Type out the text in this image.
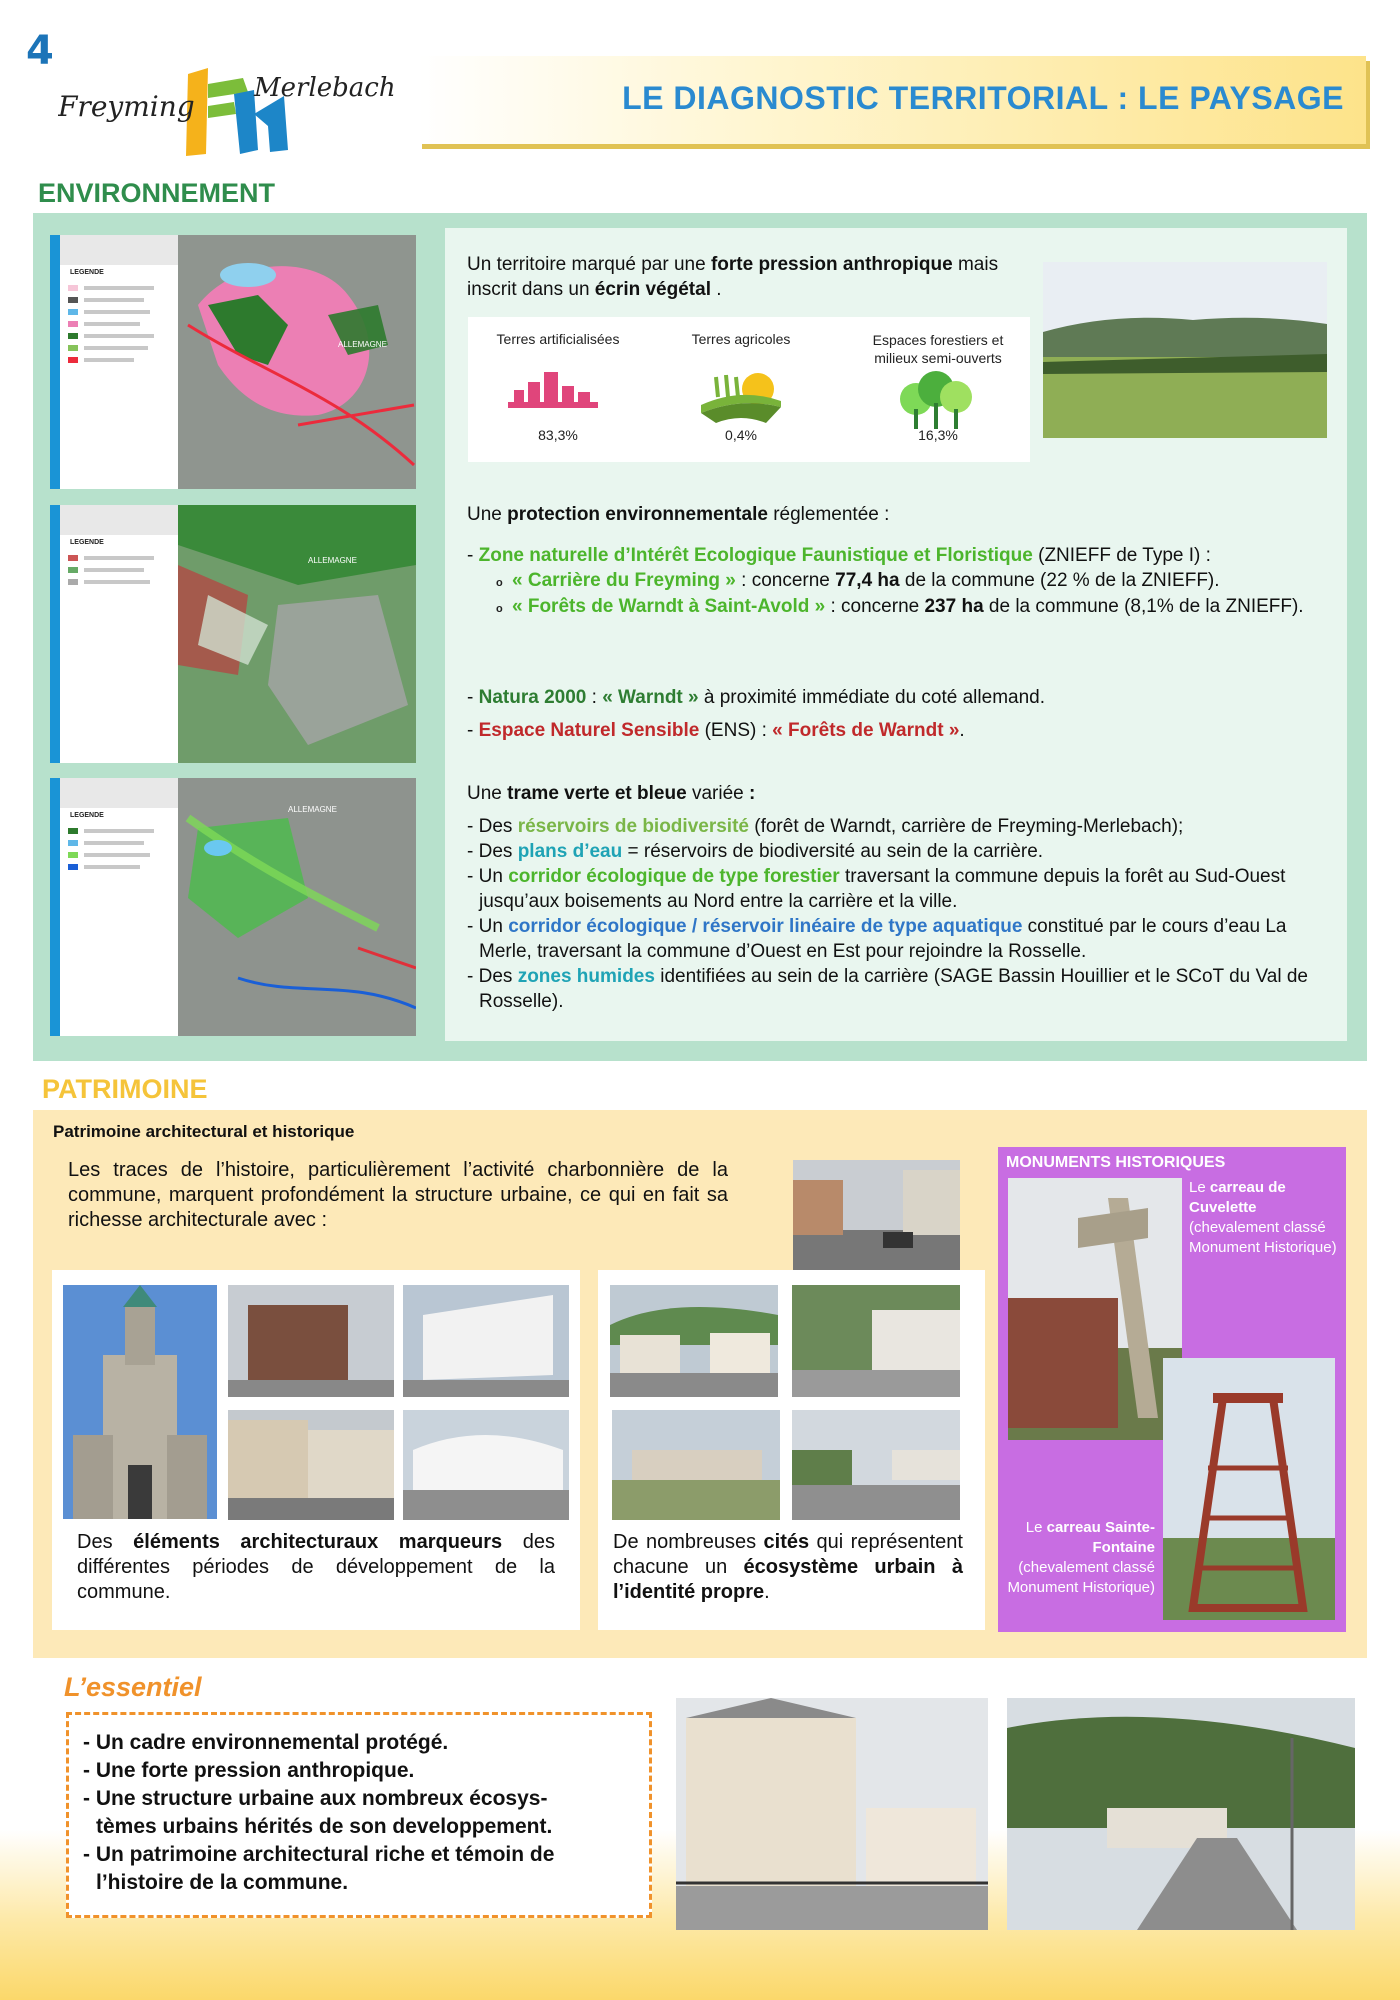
4
Freyming
Merlebach	LE DIAGNOSTIC TERRITORIAL : LE PAYSAGE
ENVIRONNEMENT
LEGENDE
ALLEMAGNE
LEGENDE
ALLEMAGNE
LEGENDE
ALLEMAGNE
Un territoire marqué par une forte pression anthropique mais inscrit dans un écrin végétal .
Terres artificialisées	Terres agricoles	Espaces forestiers et milieux semi-ouverts
83,3%	0,4%	16,3%
Une protection environnementale réglementée :
- Zone naturelle d’Intérêt Ecologique Faunistique et Floristique (ZNIEFF de Type I) :
o « Carrière du Freyming » : concerne 77,4 ha de la commune (22 % de la ZNIEFF).
o « Forêts de Warndt à Saint-Avold » : concerne 237 ha de la commune (8,1% de la ZNIEFF).
- Natura 2000 : « Warndt » à proximité immédiate du coté allemand.
- Espace Naturel Sensible (ENS) : « Forêts de Warndt ».
Une trame verte et bleue variée :
- Des réservoirs de biodiversité (forêt de Warndt, carrière de Freyming-Merlebach);
- Des plans d’eau = réservoirs de biodiversité au sein de la carrière.
- Un corridor écologique de type forestier traversant la commune depuis la forêt au Sud-Ouest jusqu’aux boisements au Nord entre la carrière et la ville.
- Un corridor écologique / réservoir linéaire de type aquatique constitué par le cours d’eau La Merle, traversant la commune d’Ouest en Est pour rejoindre la Rosselle.
- Des zones humides identifiées au sein de la carrière (SAGE Bassin Houillier et le SCoT du Val de Rosselle).
PATRIMOINE
Patrimoine architectural et historique
Les traces de l’histoire, particulièrement l’activité charbonnière de la commune, marquent profondément la structure urbaine, ce qui en fait sa richesse architecturale avec :
Des éléments architecturaux marqueurs des différentes périodes de développement de la commune.
De nombreuses cités qui représentent chacune un écosystème urbain à l’identité propre.
MONUMENTS HISTORIQUES
Le carreau de Cuvelette
(chevalement classé Monument Historique)
Le carreau Sainte-Fontaine
(chevalement classé Monument Historique)
L’essentiel
- Un cadre environnemental protégé.
- Une forte pression anthropique.
- Une structure urbaine aux nombreux écosys-
tèmes urbains hérités de son developpement.
- Un patrimoine architectural riche et témoin de
l’histoire de la commune.
